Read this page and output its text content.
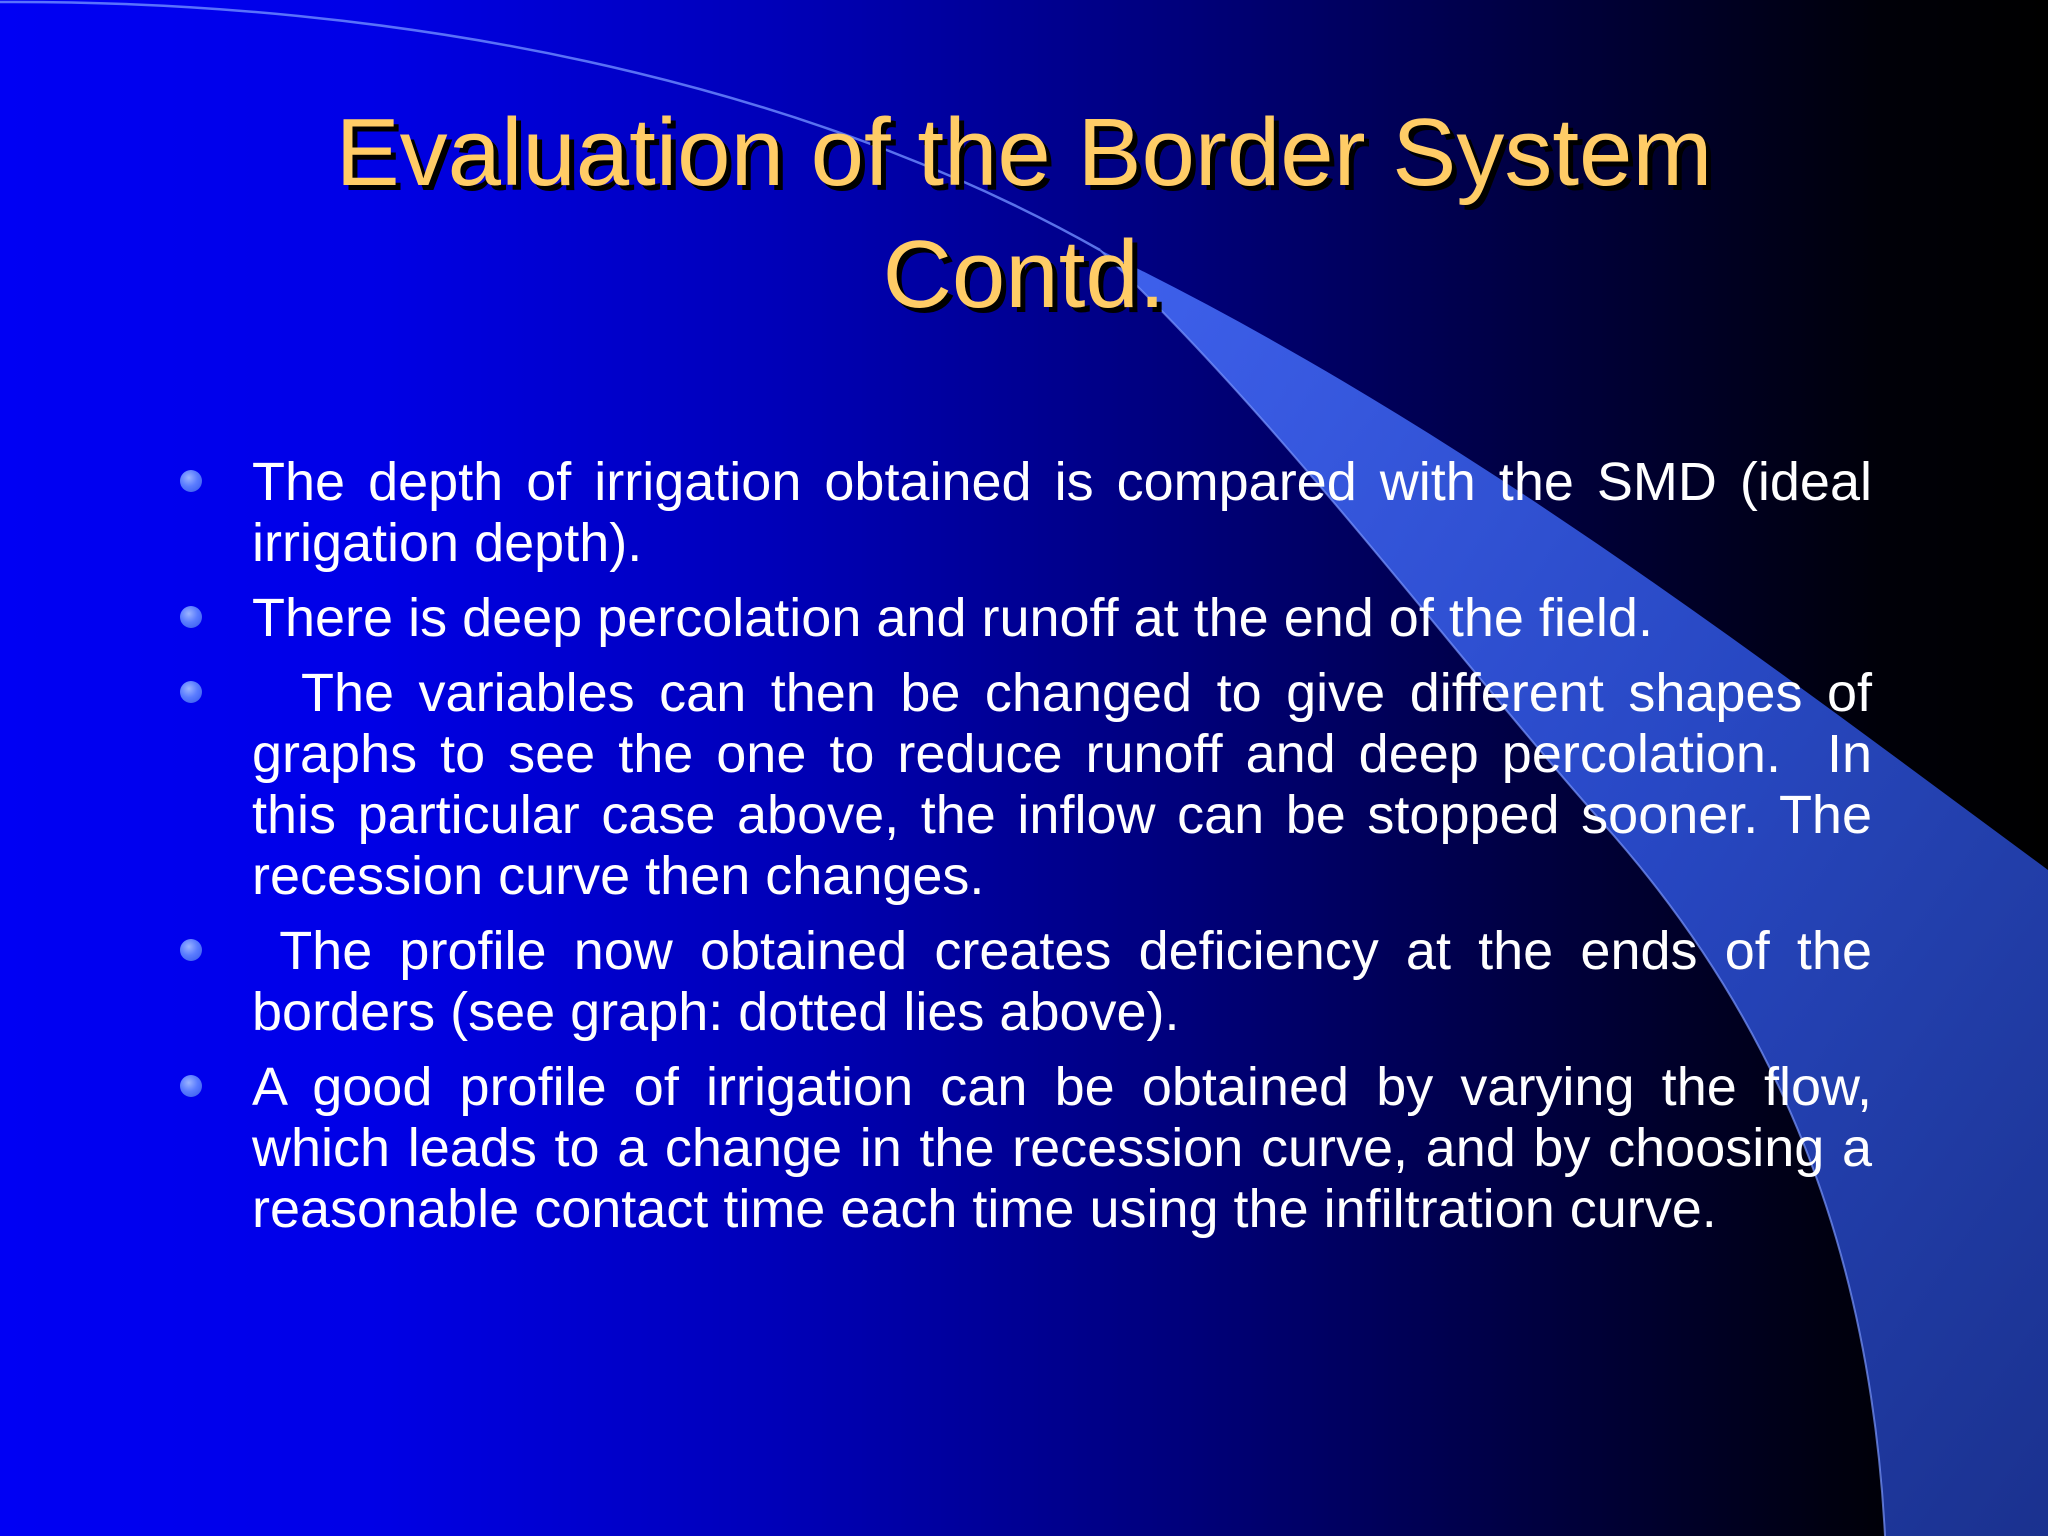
Evaluation of the Border System
Contd.
The depth of irrigation obtained is compared with the SMD (ideal irrigation depth).
There is deep percolation and runoff at the end of the field.
The variables can then be changed to give different shapes of graphs to see the one to reduce runoff and deep percolation.  In this particular case above, the inflow can be stopped sooner. The recession curve then changes.
The profile now obtained creates deficiency at the ends of the borders (see graph: dotted lies above).
A good profile of irrigation can be obtained by varying the flow, which leads to a change in the recession curve, and by choosing a reasonable contact time each time using the infiltration curve.
